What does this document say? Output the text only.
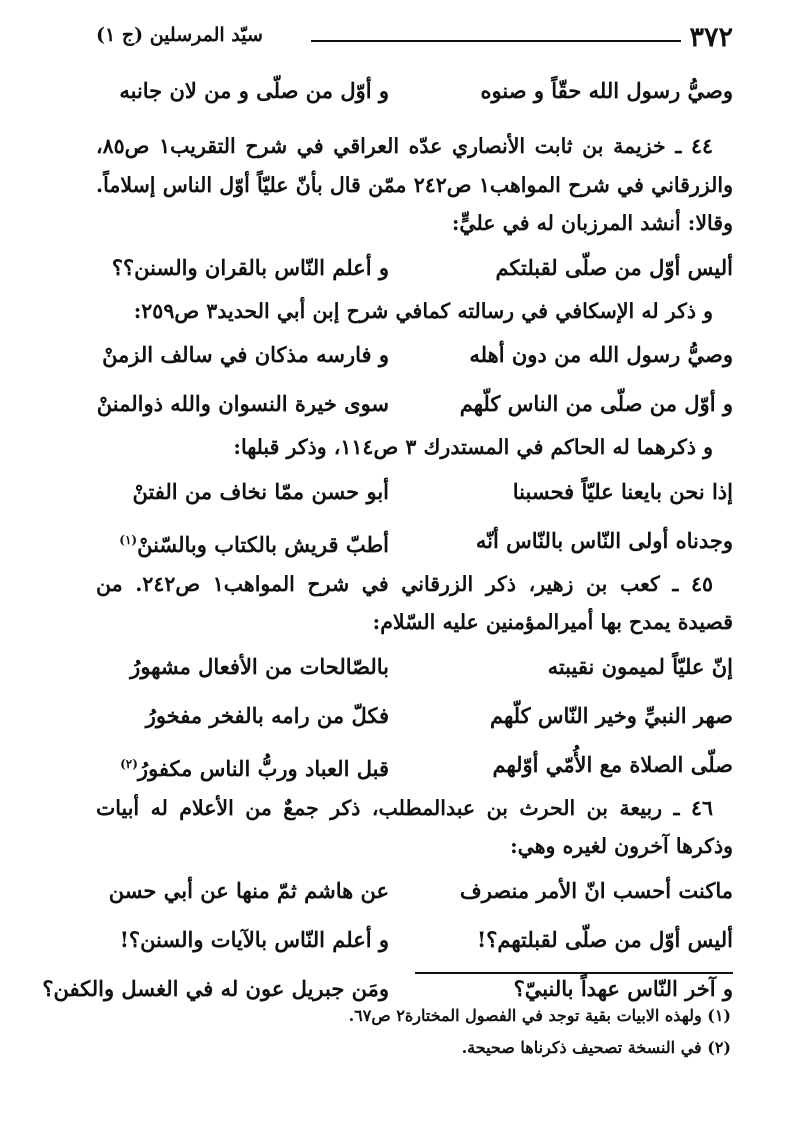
٣٧٢
سيّد المرسلين (ج ١)
وصيُّ رسول الله حقّاً و صنوه
و أوّل من صلّى و من لان جانبه

٤٤ ـ خزيمة بن ثابت الأنصاري عدّه العراقي في شرح التقريب١ ص٨٥، والزرقاني في شرح المواهب١ ص٢٤٢ ممّن قال بأنّ عليّاً أوّل الناس إسلاماً. وقالا: أنشد المرزبان له في عليٍّ:

أليس أوّل من صلّى لقبلتكم
و أعلم النّاس بالقران والسنن؟؟

و ذكر له الإسكافي في رسالته كمافي شرح إبن أبي الحديد٣ ص٢٥٩:

وصيُّ رسول الله من دون أهله
و فارسه مذكان في سالف الزمنْ
و أوّل من صلّى من الناس كلّهم
سوى خيرة النسوان والله ذوالمننْ

و ذكرهما له الحاكم في المستدرك ٣ ص١١٤، وذكر قبلها:

إذا نحن بايعنا عليّاً فحسبنا
أبو حسن ممّا نخاف من الفتنْ
وجدناه أولى النّاس بالنّاس أنّه
أطبّ قريش بالكتاب وبالسّننْ$^{(١)}$

٤٥ ـ كعب بن زهير، ذكر الزرقاني في شرح المواهب١ ص٢٤٢. من قصيدة يمدح بها أميرالمؤمنين عليه السّلام:

إنّ عليّاً لميمون نقيبته
بالصّالحات من الأفعال مشهورُ
صهر النبيِّ وخير النّاس كلّهم
فكلّ من رامه بالفخر مفخورُ
صلّى الصلاة مع الأُمّي أوّلهم
قبل العباد وربُّ الناس مكفورُ$^{(٢)}$

٤٦ ـ ربيعة بن الحرث بن عبدالمطلب، ذكر جمعٌ من الأعلام له أبيات وذكرها آخرون لغيره وهي:

ماكنت أحسب انّ الأمر منصرف
عن هاشم ثمّ منها عن أبي حسن
أليس أوّل من صلّى لقبلتهم؟!
و أعلم النّاس بالآيات والسنن؟!
و آخر النّاس عهداً بالنبيّ؟
ومَن جبريل عون له في الغسل والكفن؟
(١) ولهذه الابيات بقية توجد في الفصول المختارة٢ ص٦٧.
(٢) في النسخة تصحيف ذكرناها صحيحة.
